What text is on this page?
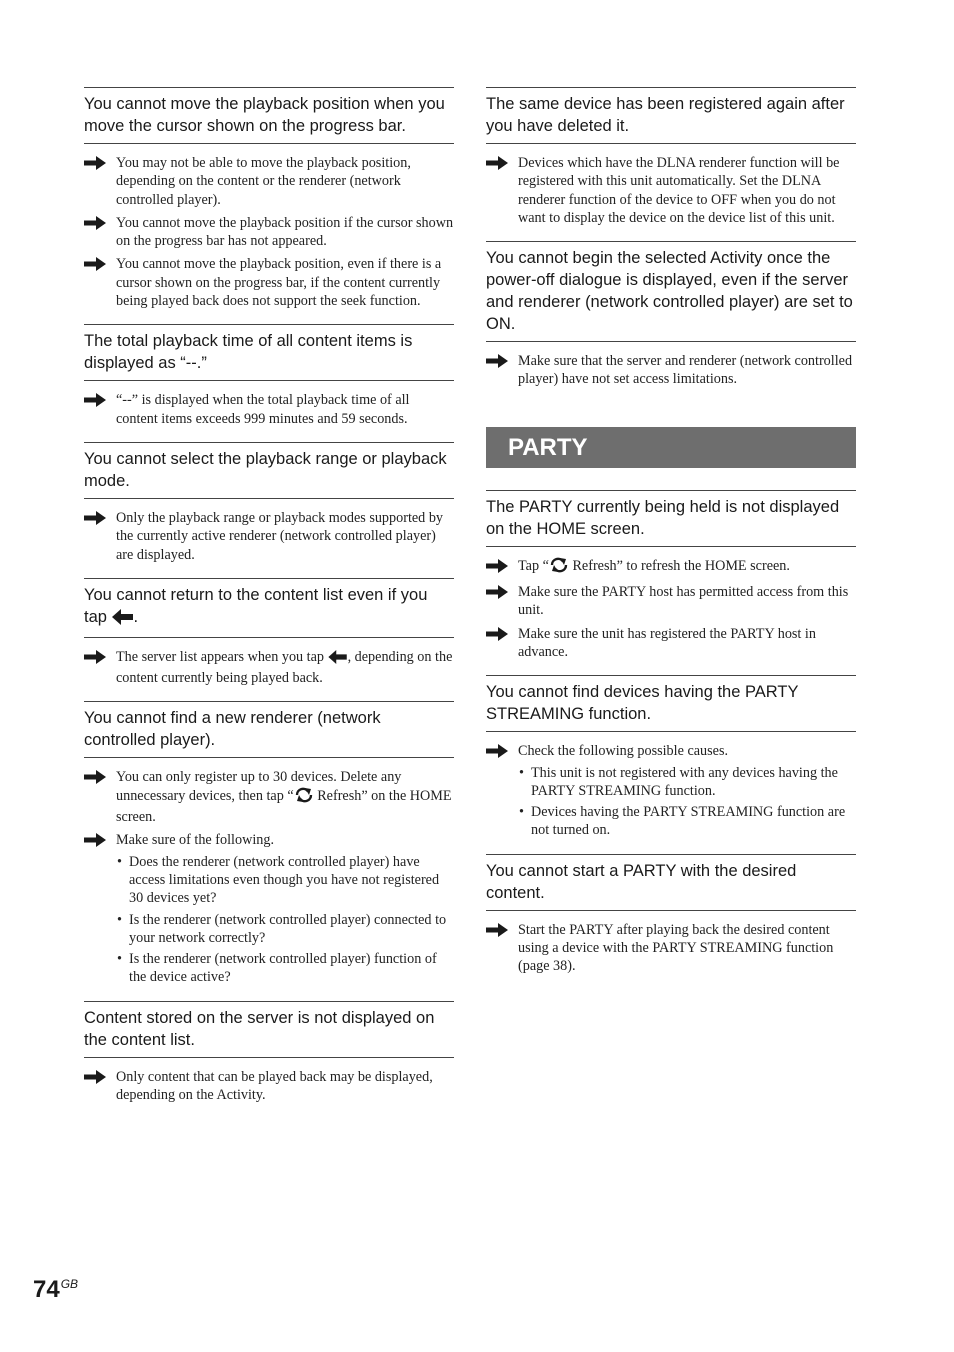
You cannot move the playback position when you move the cursor shown on the progress bar.
You may not be able to move the playback position, depending on the content or the renderer (network controlled player).
You cannot move the playback position if the cursor shown on the progress bar has not appeared.
You cannot move the playback position, even if there is a cursor shown on the progress bar, if the content currently being played back does not support the seek function.
The total playback time of all content items is displayed as “--.”
“--” is displayed when the total playback time of all content items exceeds 999 minutes and 59 seconds.
You cannot select the playback range or playback mode.
Only the playback range or playback modes supported by the currently active renderer (network controlled player) are displayed.
You cannot return to the content list even if you tap .
The server list appears when you tap , depending on the content currently being played back.
You cannot find a new renderer (network controlled player).
You can only register up to 30 devices. Delete any unnecessary devices, then tap “ Refresh” on the HOME screen.
Make sure of the following.
• Does the renderer (network controlled player) have access limitations even though you have not registered 30 devices yet?
• Is the renderer (network controlled player) connected to your network correctly?
• Is the renderer (network controlled player) function of the device active?
Content stored on the server is not displayed on the content list.
Only content that can be played back may be displayed, depending on the Activity.
The same device has been registered again after you have deleted it.
Devices which have the DLNA renderer function will be registered with this unit automatically. Set the DLNA renderer function of the device to OFF when you do not want to display the device on the device list of this unit.
You cannot begin the selected Activity once the power-off dialogue is displayed, even if the server and renderer (network controlled player) are set to ON.
Make sure that the server and renderer (network controlled player) have not set access limitations.
PARTY
The PARTY currently being held is not displayed on the HOME screen.
Tap “ Refresh” to refresh the HOME screen.
Make sure the PARTY host has permitted access from this unit.
Make sure the unit has registered the PARTY host in advance.
You cannot find devices having the PARTY STREAMING function.
Check the following possible causes.
• This unit is not registered with any devices having the PARTY STREAMING function.
• Devices having the PARTY STREAMING function are not turned on.
You cannot start a PARTY with the desired content.
Start the PARTY after playing back the desired content using a device with the PARTY STREAMING function (page 38).
$74^{GB}$
